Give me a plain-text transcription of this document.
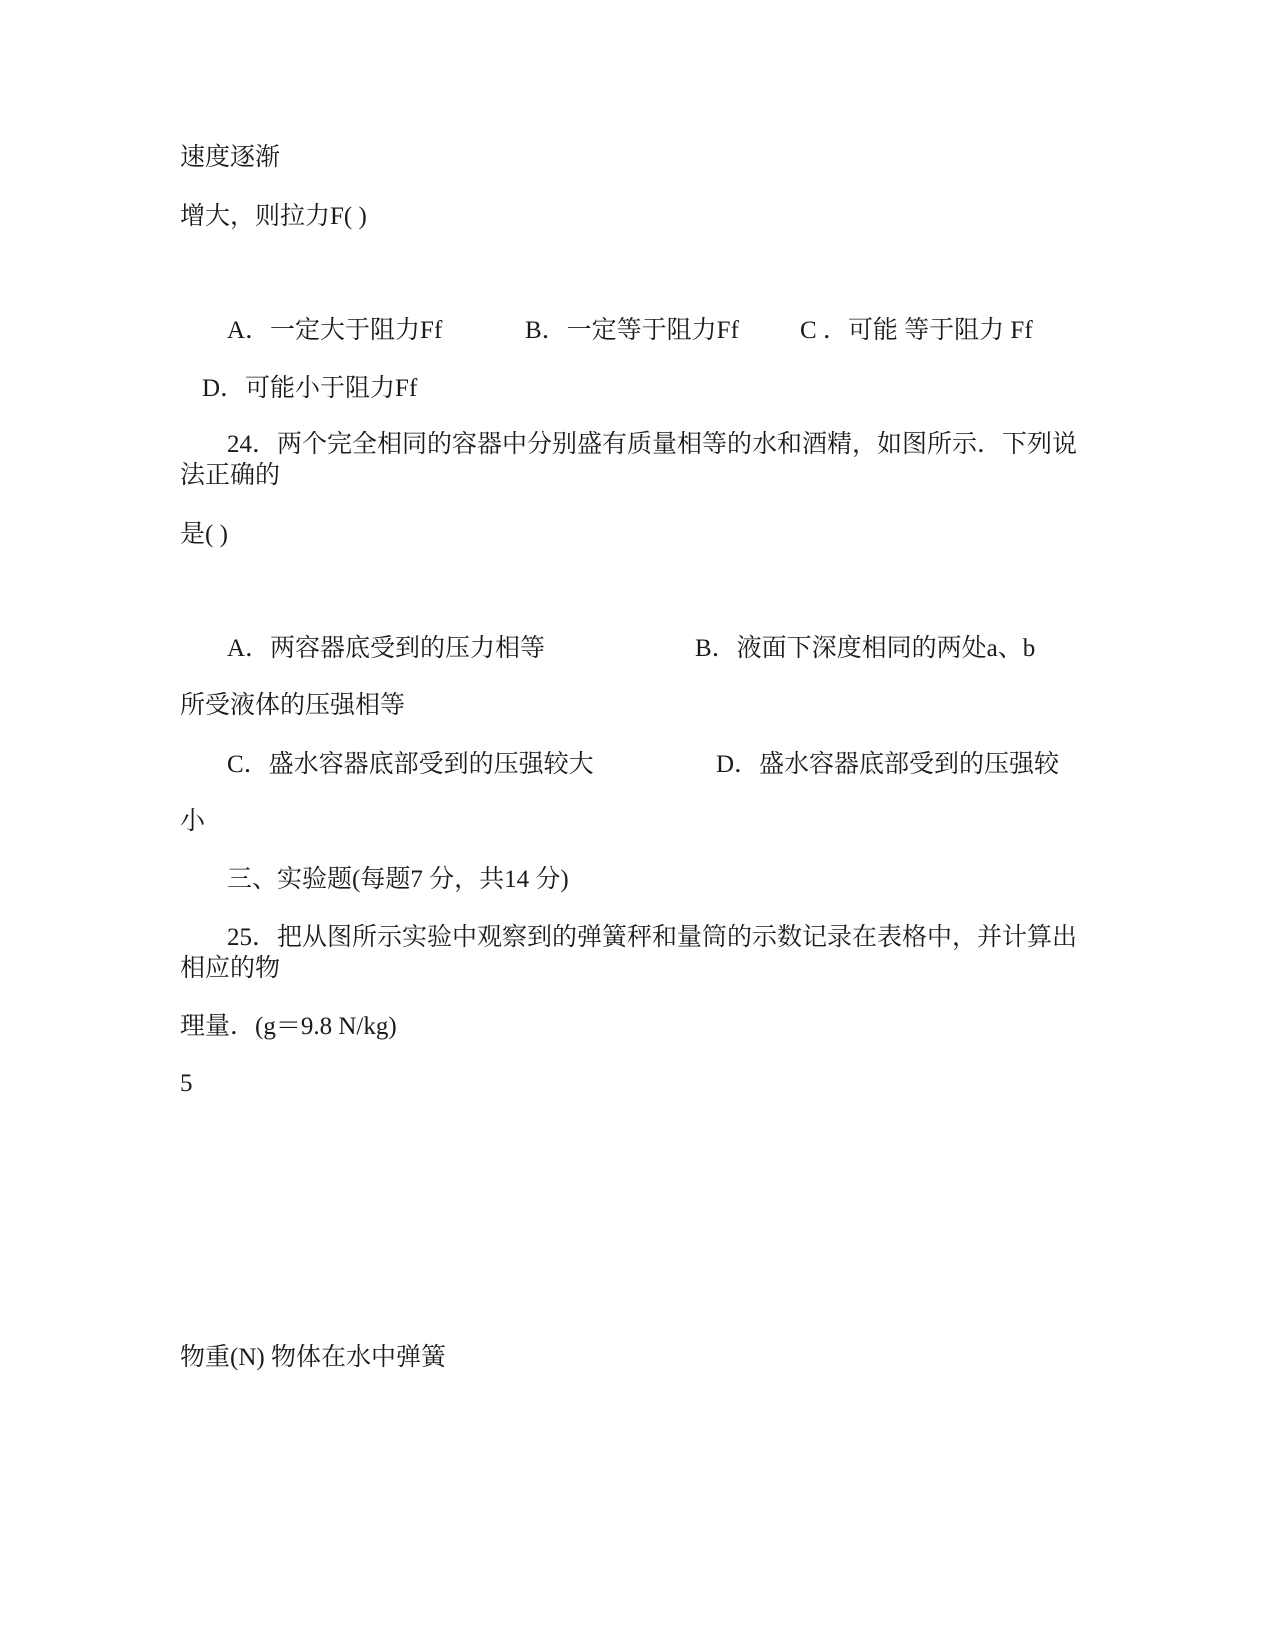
速度逐渐
增大，则拉力F( )
A．一定大于阻力Ff	B．一定等于阻力Ff C ．可能 等于阻力 Ff
D．可能小于阻力Ff
24．两个完全相同的容器中分别盛有质量相等的水和酒精，如图所示．下列说
法正确的
是( )
A．两容器底受到的压力相等	B．液面下深度相同的两处a、b
所受液体的压强相等
C．盛水容器底部受到的压强较大	D．盛水容器底部受到的压强较
小
三、实验题(每题7 分，共14 分)
25．把从图所示实验中观察到的弹簧秤和量筒的示数记录在表格中，并计算出
相应的物
理量．(g＝9.8 N/kg)
5
物重(N) 物体在水中弹簧
